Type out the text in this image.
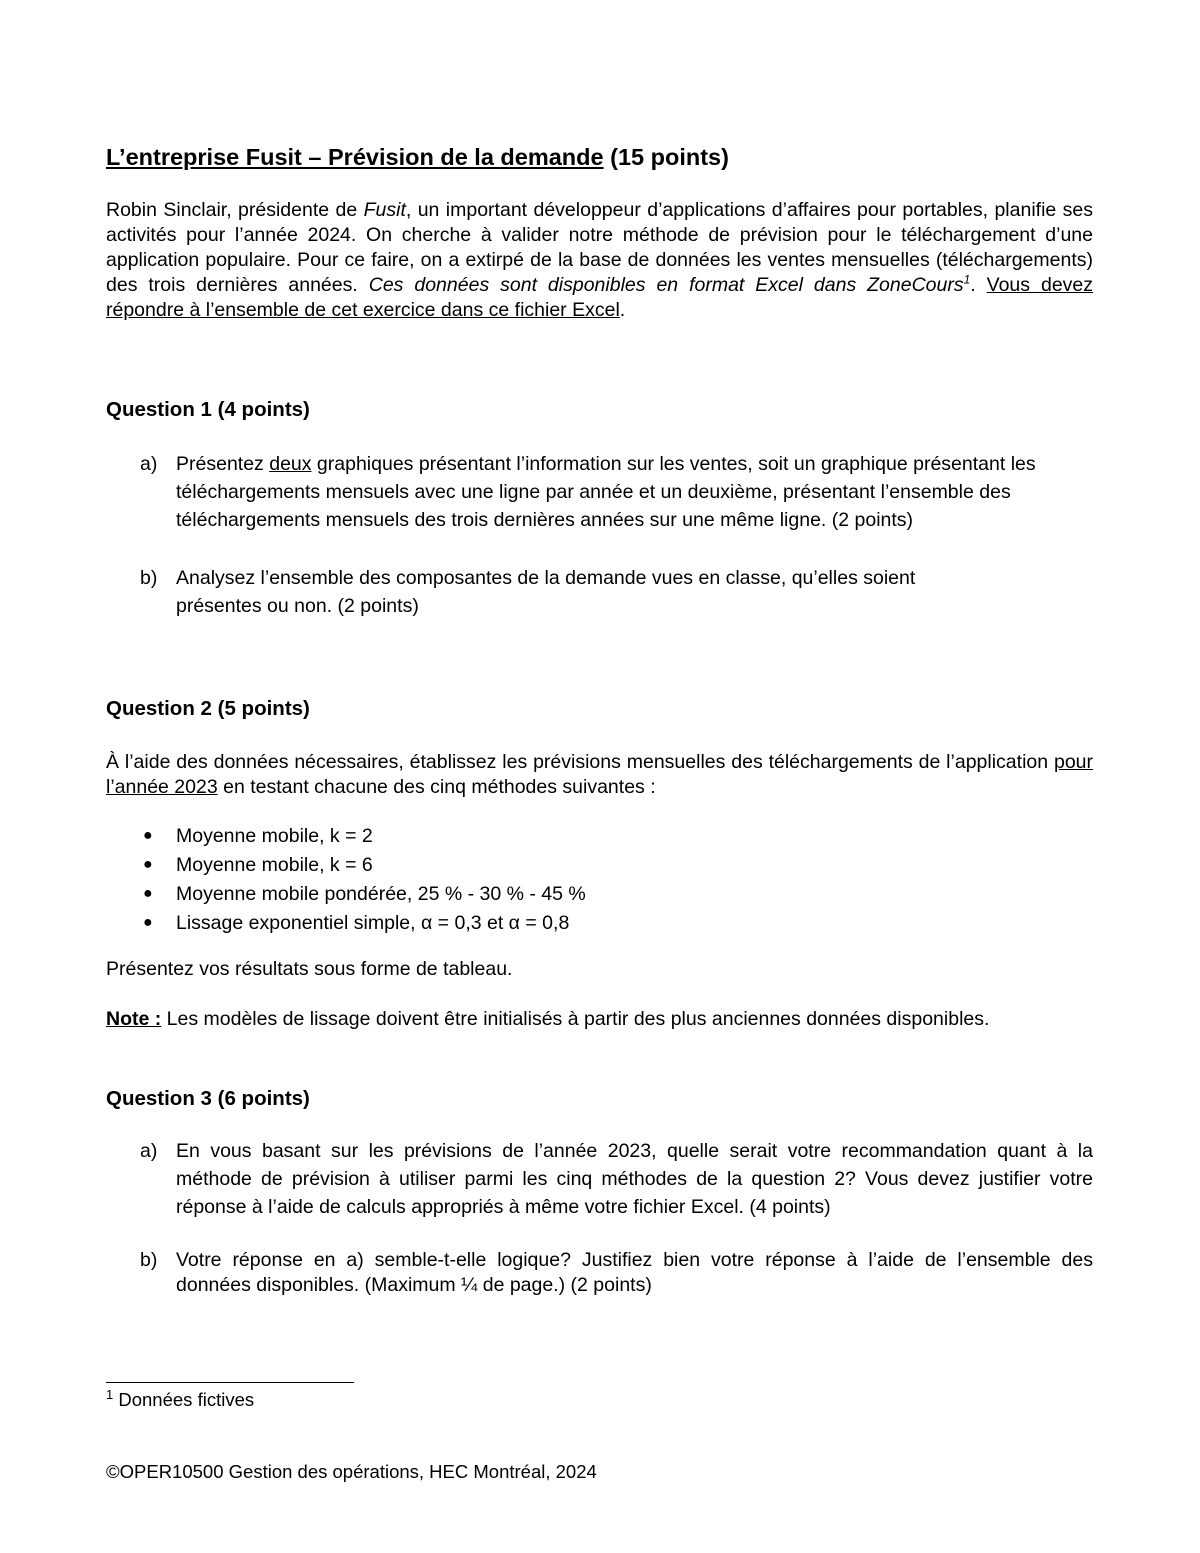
L’entreprise Fusit – Prévision de la demande (15 points)
Robin Sinclair, présidente de Fusit, un important développeur d’applications d’affaires pour portables, planifie ses activités pour l’année 2024. On cherche à valider notre méthode de prévision pour le téléchargement d’une application populaire. Pour ce faire, on a extirpé de la base de données les ventes mensuelles (téléchargements) des trois dernières années. Ces données sont disponibles en format Excel dans ZoneCours$^1$. Vous devez répondre à l’ensemble de cet exercice dans ce fichier Excel.
Question 1 (4 points)
a) Présentez deux graphiques présentant l’information sur les ventes, soit un graphique présentant les téléchargements mensuels avec une ligne par année et un deuxième, présentant l’ensemble des téléchargements mensuels des trois dernières années sur une même ligne. (2 points)
b) Analysez l’ensemble des composantes de la demande vues en classe, qu’elles soient
présentes ou non. (2 points)
Question 2 (5 points)
À l’aide des données nécessaires, établissez les prévisions mensuelles des téléchargements de l’application pour l’année 2023 en testant chacune des cinq méthodes suivantes :
● Moyenne mobile, k = 2
● Moyenne mobile, k = 6
● Moyenne mobile pondérée, 25 % - 30 % - 45 %
● Lissage exponentiel simple, α = 0,3 et α = 0,8
Présentez vos résultats sous forme de tableau.
Note : Les modèles de lissage doivent être initialisés à partir des plus anciennes données disponibles.
Question 3 (6 points)
a) En vous basant sur les prévisions de l’année 2023, quelle serait votre recommandation quant à la méthode de prévision à utiliser parmi les cinq méthodes de la question 2? Vous devez justifier votre réponse à l’aide de calculs appropriés à même votre fichier Excel. (4 points)
b) Votre réponse en a) semble-t-elle logique? Justifiez bien votre réponse à l’aide de l’ensemble des données disponibles. (Maximum ¼ de page.) (2 points)
$^1$ Données fictives
©OPER10500 Gestion des opérations, HEC Montréal, 2024
